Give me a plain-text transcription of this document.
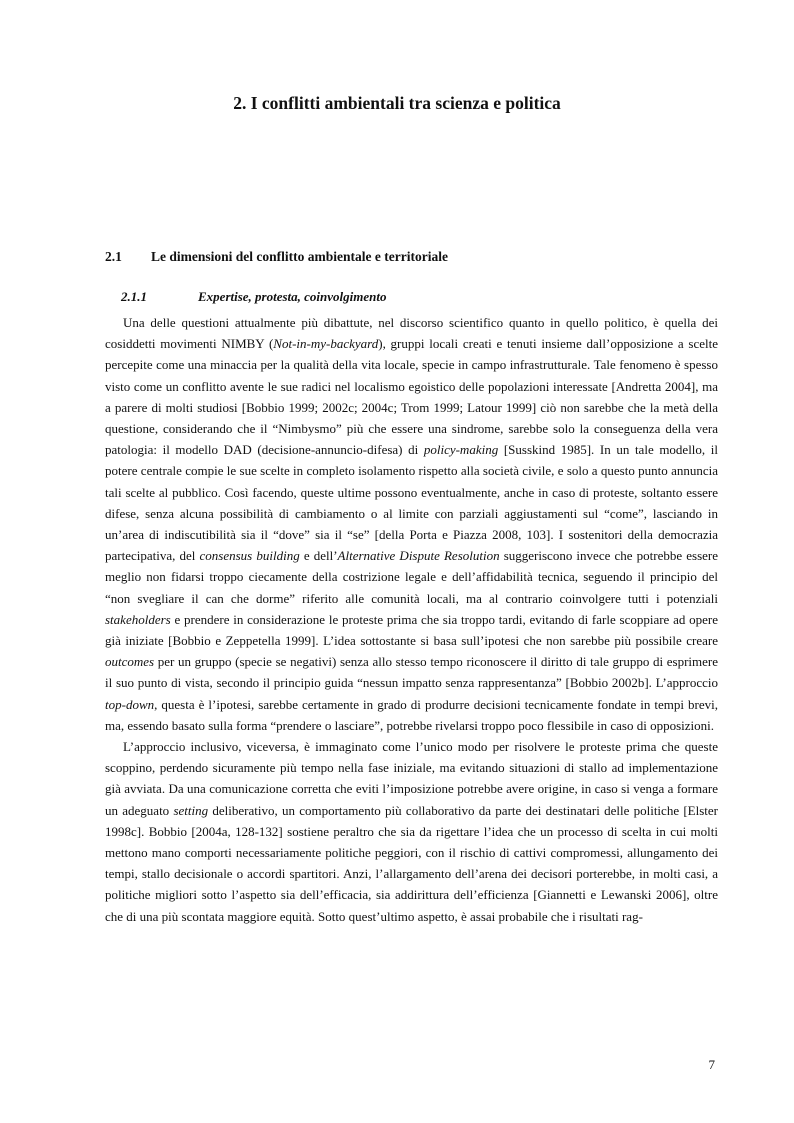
2. I conflitti ambientali tra scienza e politica
2.1 Le dimensioni del conflitto ambientale e territoriale
2.1.1	Expertise, protesta, coinvolgimento

Una delle questioni attualmente più dibattute, nel discorso scientifico quanto in quello politico, è quella dei cosiddetti movimenti NIMBY (Not-in-my-backyard), gruppi locali creati e tenuti insieme dall’opposizione a scelte percepite come una minaccia per la qualità della vita locale, specie in campo infrastrutturale. Tale fenomeno è spesso visto come un conflitto avente le sue radici nel localismo egoistico delle popolazioni interessate [Andretta 2004], ma a parere di molti studiosi [Bobbio 1999; 2002c; 2004c; Trom 1999; Latour 1999] ciò non sarebbe che la metà della questione, considerando che il “Nimbysmo” più che essere una sindrome, sarebbe solo la conseguenza della vera patologia: il modello DAD (decisione-annuncio-difesa) di policy-making [Susskind 1985]. In un tale modello, il potere centrale compie le sue scelte in completo isolamento rispetto alla società civile, e solo a questo punto annuncia tali scelte al pubblico. Così facendo, queste ultime possono eventualmente, anche in caso di proteste, soltanto essere difese, senza alcuna possibilità di cambiamento o al limite con parziali aggiustamenti sul “come”, lasciando in un’area di indiscutibilità sia il “dove” sia il “se” [della Porta e Piazza 2008, 103]. I sostenitori della democrazia partecipativa, del consensus building e dell’Alternative Dispute Resolution suggeriscono invece che potrebbe essere meglio non fidarsi troppo ciecamente della costrizione legale e dell’affidabilità tecnica, seguendo il principio del “non svegliare il can che dorme” riferito alle comunità locali, ma al contrario coinvolgere tutti i potenziali stakeholders e prendere in considerazione le proteste prima che sia troppo tardi, evitando di farle scoppiare ad opere già iniziate [Bobbio e Zeppetella 1999]. L’idea sottostante si basa sull’ipotesi che non sarebbe più possibile creare outcomes per un gruppo (specie se negativi) senza allo stesso tempo riconoscere il diritto di tale gruppo di esprimere il suo punto di vista, secondo il principio guida “nessun impatto senza rappresentanza” [Bobbio 2002b]. L’approccio top-down, questa è l’ipotesi, sarebbe certamente in grado di produrre decisioni tecnicamente fondate in tempi brevi, ma, essendo basato sulla forma “prendere o lasciare”, potrebbe rivelarsi troppo poco flessibile in caso di opposizioni.

L’approccio inclusivo, viceversa, è immaginato come l’unico modo per risolvere le proteste prima che queste scoppino, perdendo sicuramente più tempo nella fase iniziale, ma evitando situazioni di stallo ad implementazione già avviata. Da una comunicazione corretta che eviti l’imposizione potrebbe avere origine, in caso si venga a formare un adeguato setting deliberativo, un comportamento più collaborativo da parte dei destinatari delle politiche [Elster 1998c]. Bobbio [2004a, 128-132] sostiene peraltro che sia da rigettare l’idea che un processo di scelta in cui molti mettono mano comporti necessariamente politiche peggiori, con il rischio di cattivi compromessi, allungamento dei tempi, stallo decisionale o accordi spartitori. Anzi, l’allargamento dell’arena dei decisori porterebbe, in molti casi, a politiche migliori sotto l’aspetto sia dell’efficacia, sia addirittura dell’efficienza [Giannetti e Lewanski 2006], oltre che di una più scontata maggiore equità. Sotto quest’ultimo aspetto, è assai probabile che i risultati rag-

7
